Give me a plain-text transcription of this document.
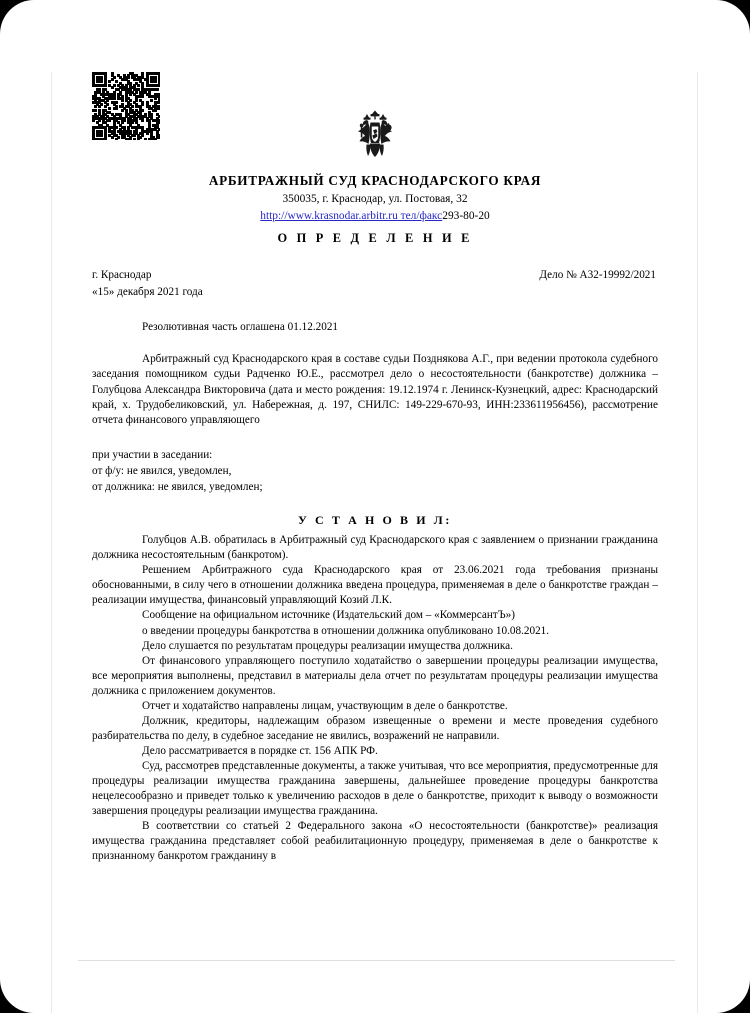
АРБИТРАЖНЫЙ СУД КРАСНОДАРСКОГО КРАЯ
350035, г. Краснодар, ул. Постовая, 32
http://www.krasnodar.arbitr.ru тел/факс293-80-20
О П Р Е Д Е Л Е Н И Е
г. Краснодар
«15» декабря 2021 года
Дело № А32-19992/2021
Резолютивная часть оглашена 01.12.2021

Арбитражный суд Краснодарского края в составе судьи Позднякова А.Г., при ведении протокола судебного заседания помощником судьи Радченко Ю.Е., рассмотрел дело о несостоятельности (банкротстве) должника – Голубцова Александра Викторовича (дата и место рождения: 19.12.1974 г. Ленинск-Кузнецкий, адрес: Краснодарский край, х. Трудобеликовский, ул. Набережная, д. 197, СНИЛС: 149-229-670-93, ИНН:233611956456), рассмотрение отчета финансового управляющего

при участии в заседании:
от ф/у: не явился, уведомлен,
от должника: не явился, уведомлен;
У С Т А Н О В И Л:

Голубцов А.В. обратилась в Арбитражный суд Краснодарского края с заявлением о признании гражданина должника несостоятельным (банкротом).

Решением Арбитражного суда Краснодарского края от 23.06.2021 года требования признаны обоснованными, в силу чего в отношении должника введена процедура, применяемая в деле о банкротстве граждан – реализации имущества, финансовый управляющий Козий Л.К.

Сообщение на официальном источнике (Издательский дом – «КоммерсантЪ»)

о введении процедуры банкротства в отношении должника опубликовано 10.08.2021.

Дело слушается по результатам процедуры реализации имущества должника.

От финансового управляющего поступило ходатайство о завершении процедуры реализации имущества, все мероприятия выполнены, представил в материалы дела отчет по результатам процедуры реализации имущества должника с приложением документов.

Отчет и ходатайство направлены лицам, участвующим в деле о банкротстве.

Должник, кредиторы, надлежащим образом извещенные о времени и месте проведения судебного разбирательства по делу, в судебное заседание не явились, возражений не направили.

Дело рассматривается в порядке ст. 156 АПК РФ.

Суд, рассмотрев представленные документы, а также учитывая, что все мероприятия, предусмотренные для процедуры реализации имущества гражданина завершены, дальнейшее проведение процедуры банкротства нецелесообразно и приведет только к увеличению расходов в деле о банкротстве, приходит к выводу о возможности завершения процедуры реализации имущества гражданина.

В соответствии со статьей 2 Федерального закона «О несостоятельности (банкротстве)» реализация имущества гражданина представляет собой реабилитационную процедуру, применяемая в деле о банкротстве к признанному банкротом гражданину в
